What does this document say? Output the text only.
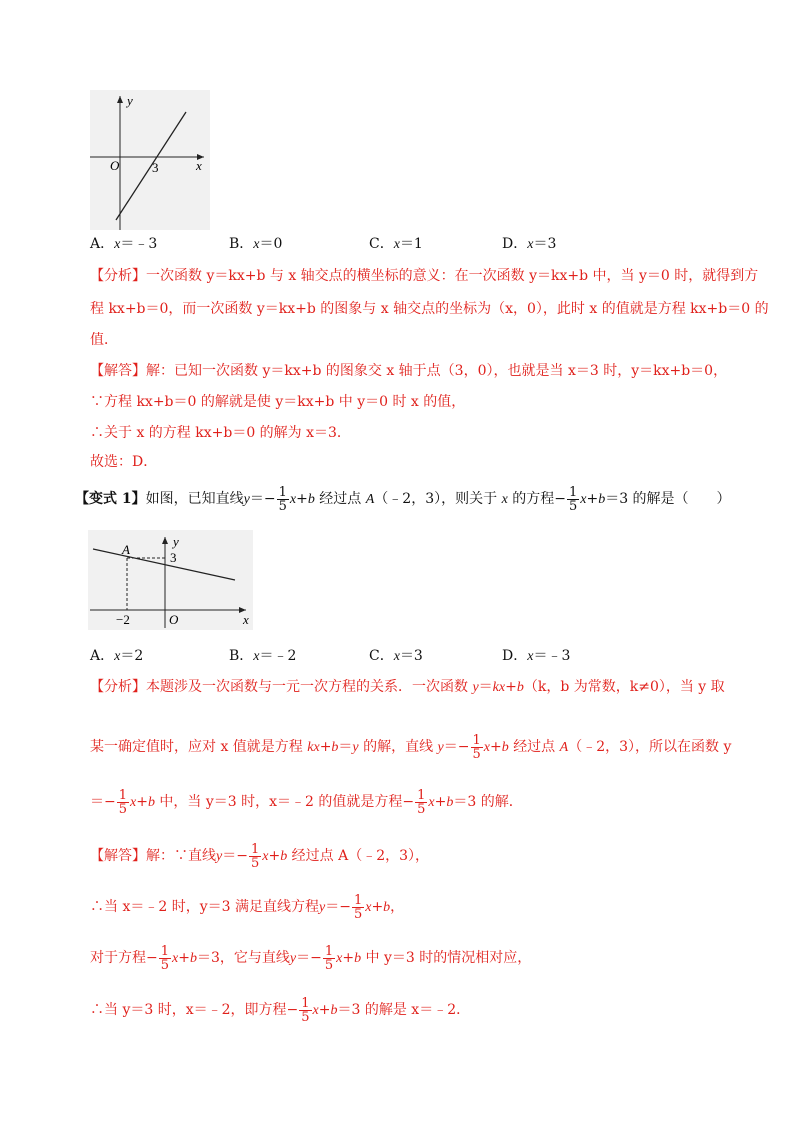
y
x
O	3
A．x＝﹣3	B．x＝0	C．x＝1	D．x＝3
【分析】一次函数 y＝kx+b 与 x 轴交点的横坐标的意义：在一次函数 y＝kx+b 中，当 y＝0 时，就得到方
程 kx+b＝0，而一次函数 y＝kx+b 的图象与 x 轴交点的坐标为（x，0），此时 x 的值就是方程 kx+b＝0 的
值．
【解答】解：已知一次函数 y＝kx+b 的图象交 x 轴于点（3，0），也就是当 x＝3 时，y＝kx+b＝0，
∵方程 kx+b＝0 的解就是使 y＝kx+b 中 y＝0 时 x 的值，
∴关于 x 的方程 kx+b＝0 的解为 x＝3．
故选：D．
【变式 1】如图，已知直线$y=- \frac{1}{5} x+b$ 经过点 A（﹣2，3），则关于 x 的方程− $\frac{1}{5} x+b=3$ 的解是（　　）
y
x
O
A
3
−2
A．x＝2	B．x＝﹣2	C．x＝3	D．x＝﹣3
【分析】本题涉及一次函数与一元一次方程的关系．一次函数 y＝kx+b（k，b 为常数，k≠0），当 y 取
某一确定值时，应对 x 值就是方程 kx+b＝y 的解，直线 $y=- \frac{1}{5} x+b$ 经过点 A（﹣2，3），所以在函数 y
＝− $\frac{1}{5} x+b$ 中，当 y＝3 时，x＝﹣2 的值就是方程− $\frac{1}{5} x+b=3$ 的解．
【解答】解：∵直线$y=- \frac{1}{5} x+b$ 经过点 A（﹣2，3），
∴当 x＝﹣2 时，y＝3 满足直线方程$y=- \frac{1}{5} x+b$，
对于方程− $\frac{1}{5} x+b=3$，它与直线$y=- \frac{1}{5} x+b$ 中 y＝3 时的情况相对应，
∴当 y＝3 时，x＝﹣2，即方程− $\frac{1}{5} x+b=3$ 的解是 x＝﹣2．
